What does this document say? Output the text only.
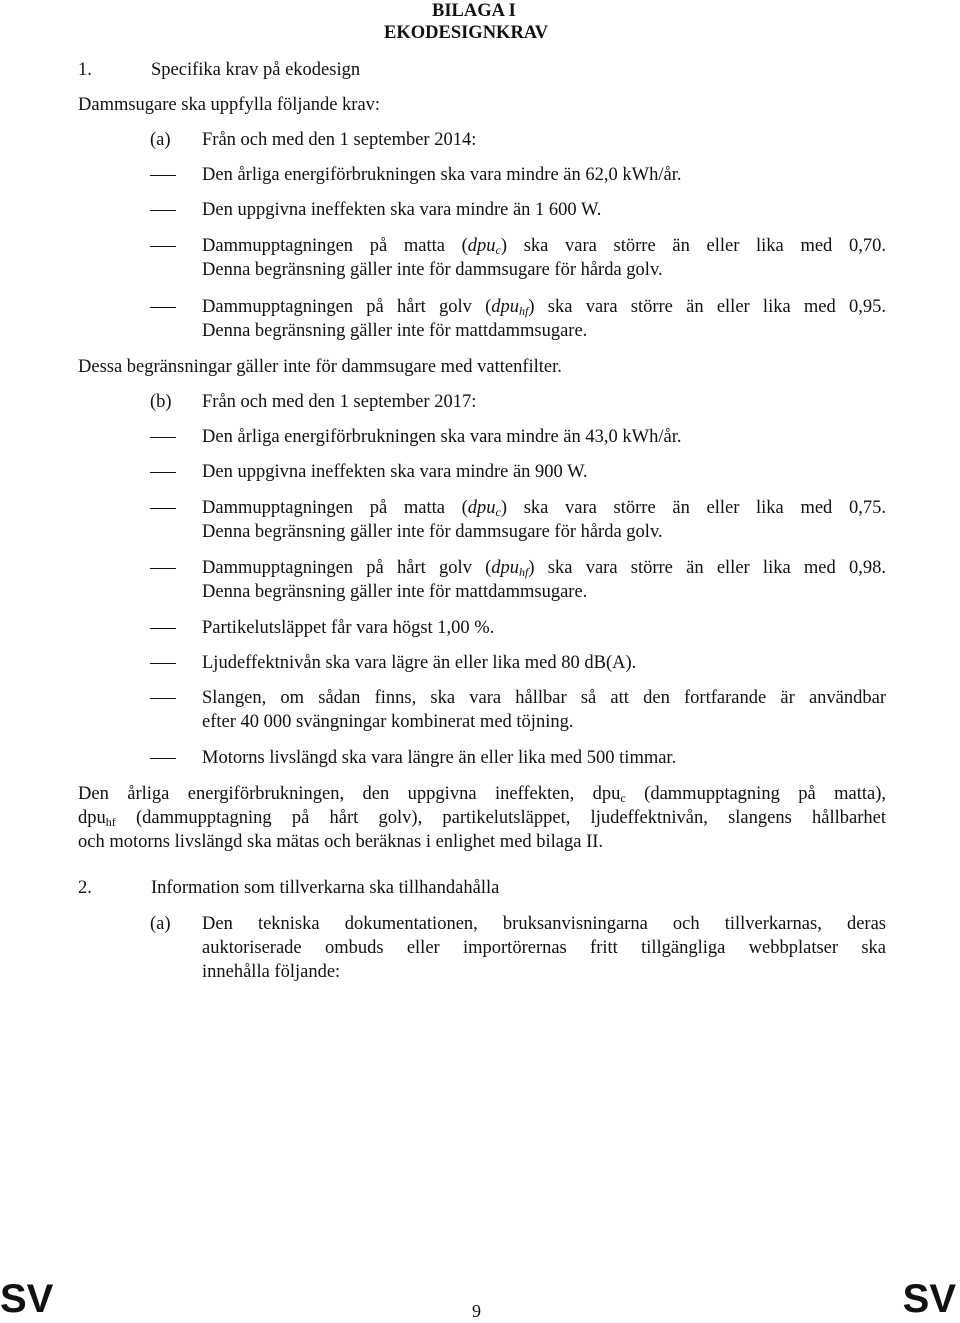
BILAGA I
EKODESIGNKRAV
1.	Specifika krav på ekodesign
Dammsugare ska uppfylla följande krav:
(a) Från och med den 1 september 2014:
Den årliga energiförbrukningen ska vara mindre än 62,0 kWh/år.
Den uppgivna ineffekten ska vara mindre än 1 600 W.
Dammupptagningen på matta (dpu$_c$) ska vara större än eller lika med 0,70.
Denna begränsning gäller inte för dammsugare för hårda golv.
Dammupptagningen på hårt golv (dpu$_{hf}$) ska vara större än eller lika med 0,95.
Denna begränsning gäller inte för mattdammsugare.
Dessa begränsningar gäller inte för dammsugare med vattenfilter.
(b) Från och med den 1 september 2017:
Den årliga energiförbrukningen ska vara mindre än 43,0 kWh/år.
Den uppgivna ineffekten ska vara mindre än 900 W.
Dammupptagningen på matta (dpu$_c$) ska vara större än eller lika med 0,75.
Denna begränsning gäller inte för dammsugare för hårda golv.
Dammupptagningen på hårt golv (dpu$_{hf}$) ska vara större än eller lika med 0,98.
Denna begränsning gäller inte för mattdammsugare.
Partikelutsläppet får vara högst 1,00 %.
Ljudeffektnivån ska vara lägre än eller lika med 80 dB(A).
Slangen, om sådan finns, ska vara hållbar så att den fortfarande är användbar
efter 40 000 svängningar kombinerat med töjning.
Motorns livslängd ska vara längre än eller lika med 500 timmar.
Den årliga energiförbrukningen, den uppgivna ineffekten, dpu$_c$ (dammupptagning på matta),
dpu$_{hf}$ (dammupptagning på hårt golv), partikelutsläppet, ljudeffektnivån, slangens hållbarhet
och motorns livslängd ska mätas och beräknas i enlighet med bilaga II.
2.	Information som tillverkarna ska tillhandahålla
(a) Den tekniska dokumentationen, bruksanvisningarna och tillverkarnas, deras
auktoriserade ombuds eller importörernas fritt tillgängliga webbplatser ska
innehålla följande:
SV	9	SV
